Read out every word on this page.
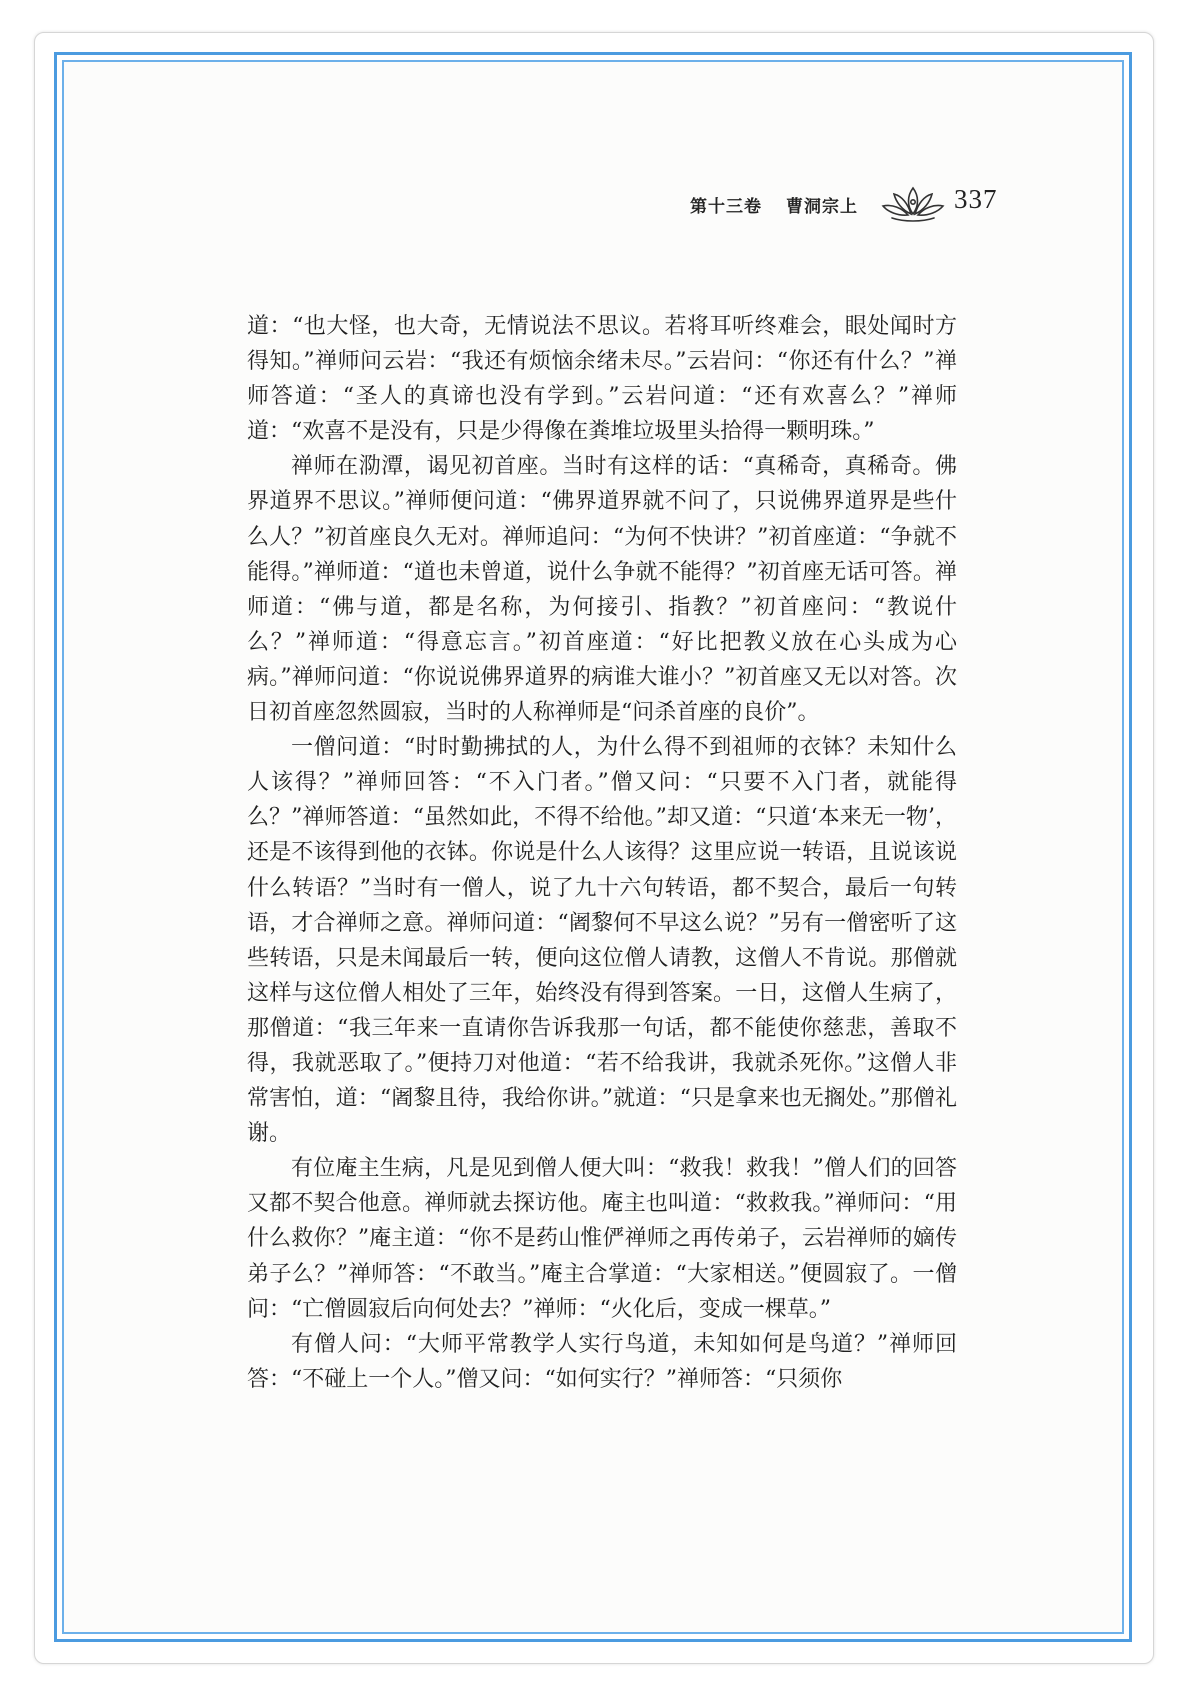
第十三卷 曹洞宗上	337

道：“也大怪，也大奇，无情说法不思议。若将耳听终难会，眼处闻时方得知。”禅师问云岩：“我还有烦恼余绪未尽。”云岩问：“你还有什么？”禅师答道：“圣人的真谛也没有学到。”云岩问道：“还有欢喜么？”禅师道：“欢喜不是没有，只是少得像在粪堆垃圾里头拾得一颗明珠。”

禅师在泐潭，谒见初首座。当时有这样的话：“真稀奇，真稀奇。佛界道界不思议。”禅师便问道：“佛界道界就不问了，只说佛界道界是些什么人？”初首座良久无对。禅师追问：“为何不快讲？”初首座道：“争就不能得。”禅师道：“道也未曾道，说什么争就不能得？”初首座无话可答。禅师道：“佛与道，都是名称，为何接引、指教？”初首座问：“教说什么？”禅师道：“得意忘言。”初首座道：“好比把教义放在心头成为心病。”禅师问道：“你说说佛界道界的病谁大谁小？”初首座又无以对答。次日初首座忽然圆寂，当时的人称禅师是“问杀首座的良价”。

一僧问道：“时时勤拂拭的人，为什么得不到祖师的衣钵？未知什么人该得？”禅师回答：“不入门者。”僧又问：“只要不入门者，就能得么？”禅师答道：“虽然如此，不得不给他。”却又道：“只道‘本来无一物’，还是不该得到他的衣钵。你说是什么人该得？这里应说一转语，且说该说什么转语？”当时有一僧人，说了九十六句转语，都不契合，最后一句转语，才合禅师之意。禅师问道：“阇黎何不早这么说？”另有一僧密听了这些转语，只是未闻最后一转，便向这位僧人请教，这僧人不肯说。那僧就这样与这位僧人相处了三年，始终没有得到答案。一日，这僧人生病了，那僧道：“我三年来一直请你告诉我那一句话，都不能使你慈悲，善取不得，我就恶取了。”便持刀对他道：“若不给我讲，我就杀死你。”这僧人非常害怕，道：“阇黎且待，我给你讲。”就道：“只是拿来也无搁处。”那僧礼谢。

有位庵主生病，凡是见到僧人便大叫：“救我！救我！”僧人们的回答又都不契合他意。禅师就去探访他。庵主也叫道：“救救我。”禅师问：“用什么救你？”庵主道：“你不是药山惟俨禅师之再传弟子，云岩禅师的嫡传弟子么？”禅师答：“不敢当。”庵主合掌道：“大家相送。”便圆寂了。一僧问：“亡僧圆寂后向何处去？”禅师：“火化后，变成一棵草。”

有僧人问：“大师平常教学人实行鸟道，未知如何是鸟道？”禅师回答：“不碰上一个人。”僧又问：“如何实行？”禅师答：“只须你
